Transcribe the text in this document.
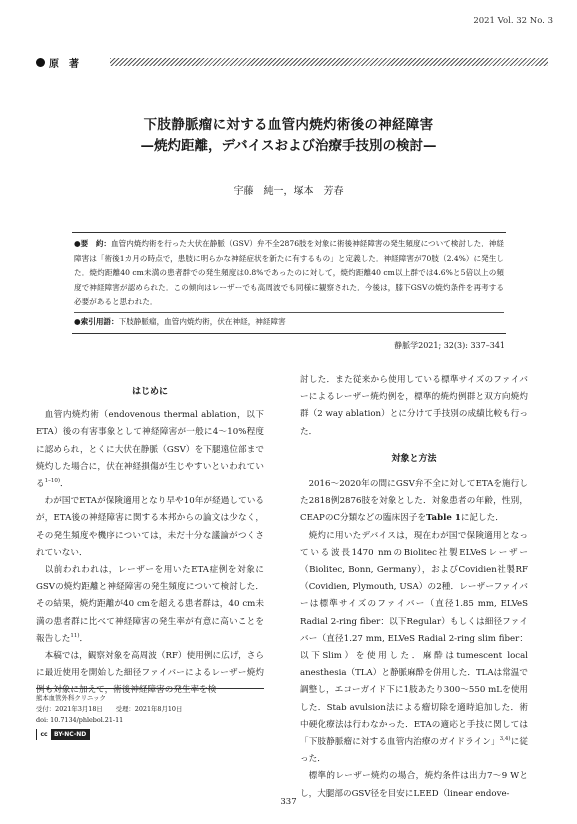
2021 Vol. 32 No. 3
原　著
下肢静脈瘤に対する血管内焼灼術後の神経障害
—焼灼距離，デバイスおよび治療手技別の検討—
宇藤　純一，塚本　芳春
●要　約：血管内焼灼術を行った大伏在静脈（GSV）弁不全2876肢を対象に術後神経障害の発生頻度について検討した．神経障害は「術後1カ月の時点で，患肢に明らかな神経症状を新たに有するもの」と定義した．神経障害が70肢（2.4%）に発生した．焼灼距離40 cm未満の患者群での発生頻度は0.8%であったのに対して，焼灼距離40 cm以上群では4.6%と5倍以上の頻度で神経障害が認められた．この傾向はレーザーでも高周波でも同様に観察された．今後は，膝下GSVの焼灼条件を再考する必要があると思われた．
●索引用語：下肢静脈瘤，血管内焼灼術，伏在神経，神経障害
静脈学2021; 32(3): 337–341
はじめに

血管内焼灼術（endovenous thermal ablation，以下ETA）後の有害事象として神経障害が一般に4～10%程度に認められ，とくに大伏在静脈（GSV）を下腿遠位部まで焼灼した場合に，伏在神経損傷が生じやすいといわれている$^{1-10)}$．

わが国でETAが保険適用となり早や10年が経過しているが，ETA後の神経障害に関する本邦からの論文は少なく，その発生頻度や機序については，未だ十分な議論がつくされていない．

以前われわれは，レーザーを用いたETA症例を対象にGSVの焼灼距離と神経障害の発生頻度について検討した．その結果，焼灼距離が40 cmを超える患者群は，40 cm未満の患者群に比べて神経障害の発生率が有意に高いことを報告した$^{11)}$．

本稿では，観察対象を高周波（RF）使用例に広げ，さらに最近使用を開始した細径ファイバーによるレーザー焼灼例も対象に加えて，術後神経障害の発生率を検

討した．また従来から使用している標準サイズのファイバーによるレーザー焼灼例を，標準的焼灼例群と双方向焼灼群（2 way ablation）とに分けて手技別の成績比較も行った．

対象と方法

2016～2020年の間にGSV弁不全に対してETAを施行した2818例2876肢を対象とした．対象患者の年齢，性別，CEAPのC分類などの臨床因子をTable 1に記した．

焼灼に用いたデバイスは，現在わが国で保険適用となっている波長1470 nmのBiolitec社製ELVeSレーザー（Biolitec, Bonn, Germany），およびCovidien社製RF（Covidien, Plymouth, USA）の2種．レーザーファイバーは標準サイズのファイバー（直径1.85 mm, ELVeS Radial 2-ring fiber：以下Regular）もしくは細径ファイバー（直径1.27 mm, ELVeS Radial 2-ring slim fiber：以下Slim）を使用した．麻酔はtumescent local anesthesia（TLA）と静脈麻酔を併用した．TLAは常温で調整し，エコーガイド下に1肢あたり300～550 mLを使用した．Stab avulsion法による瘤切除を適時追加した．術中硬化療法は行わなかった．ETAの適応と手技に関しては「下肢静脈瘤に対する血管内治療のガイドライン」$^{3,4)}$に従った．

標準的レーザー焼灼の場合，焼灼条件は出力7～9 Wとし，大腿部のGSV径を目安にLEED（linear endove-

熊本血管外科クリニック
受付：2021年3月18日　　受理：2021年8月10日
doi: 10.7134/phlebol.21-11
cc	BY-NC-ND
337
